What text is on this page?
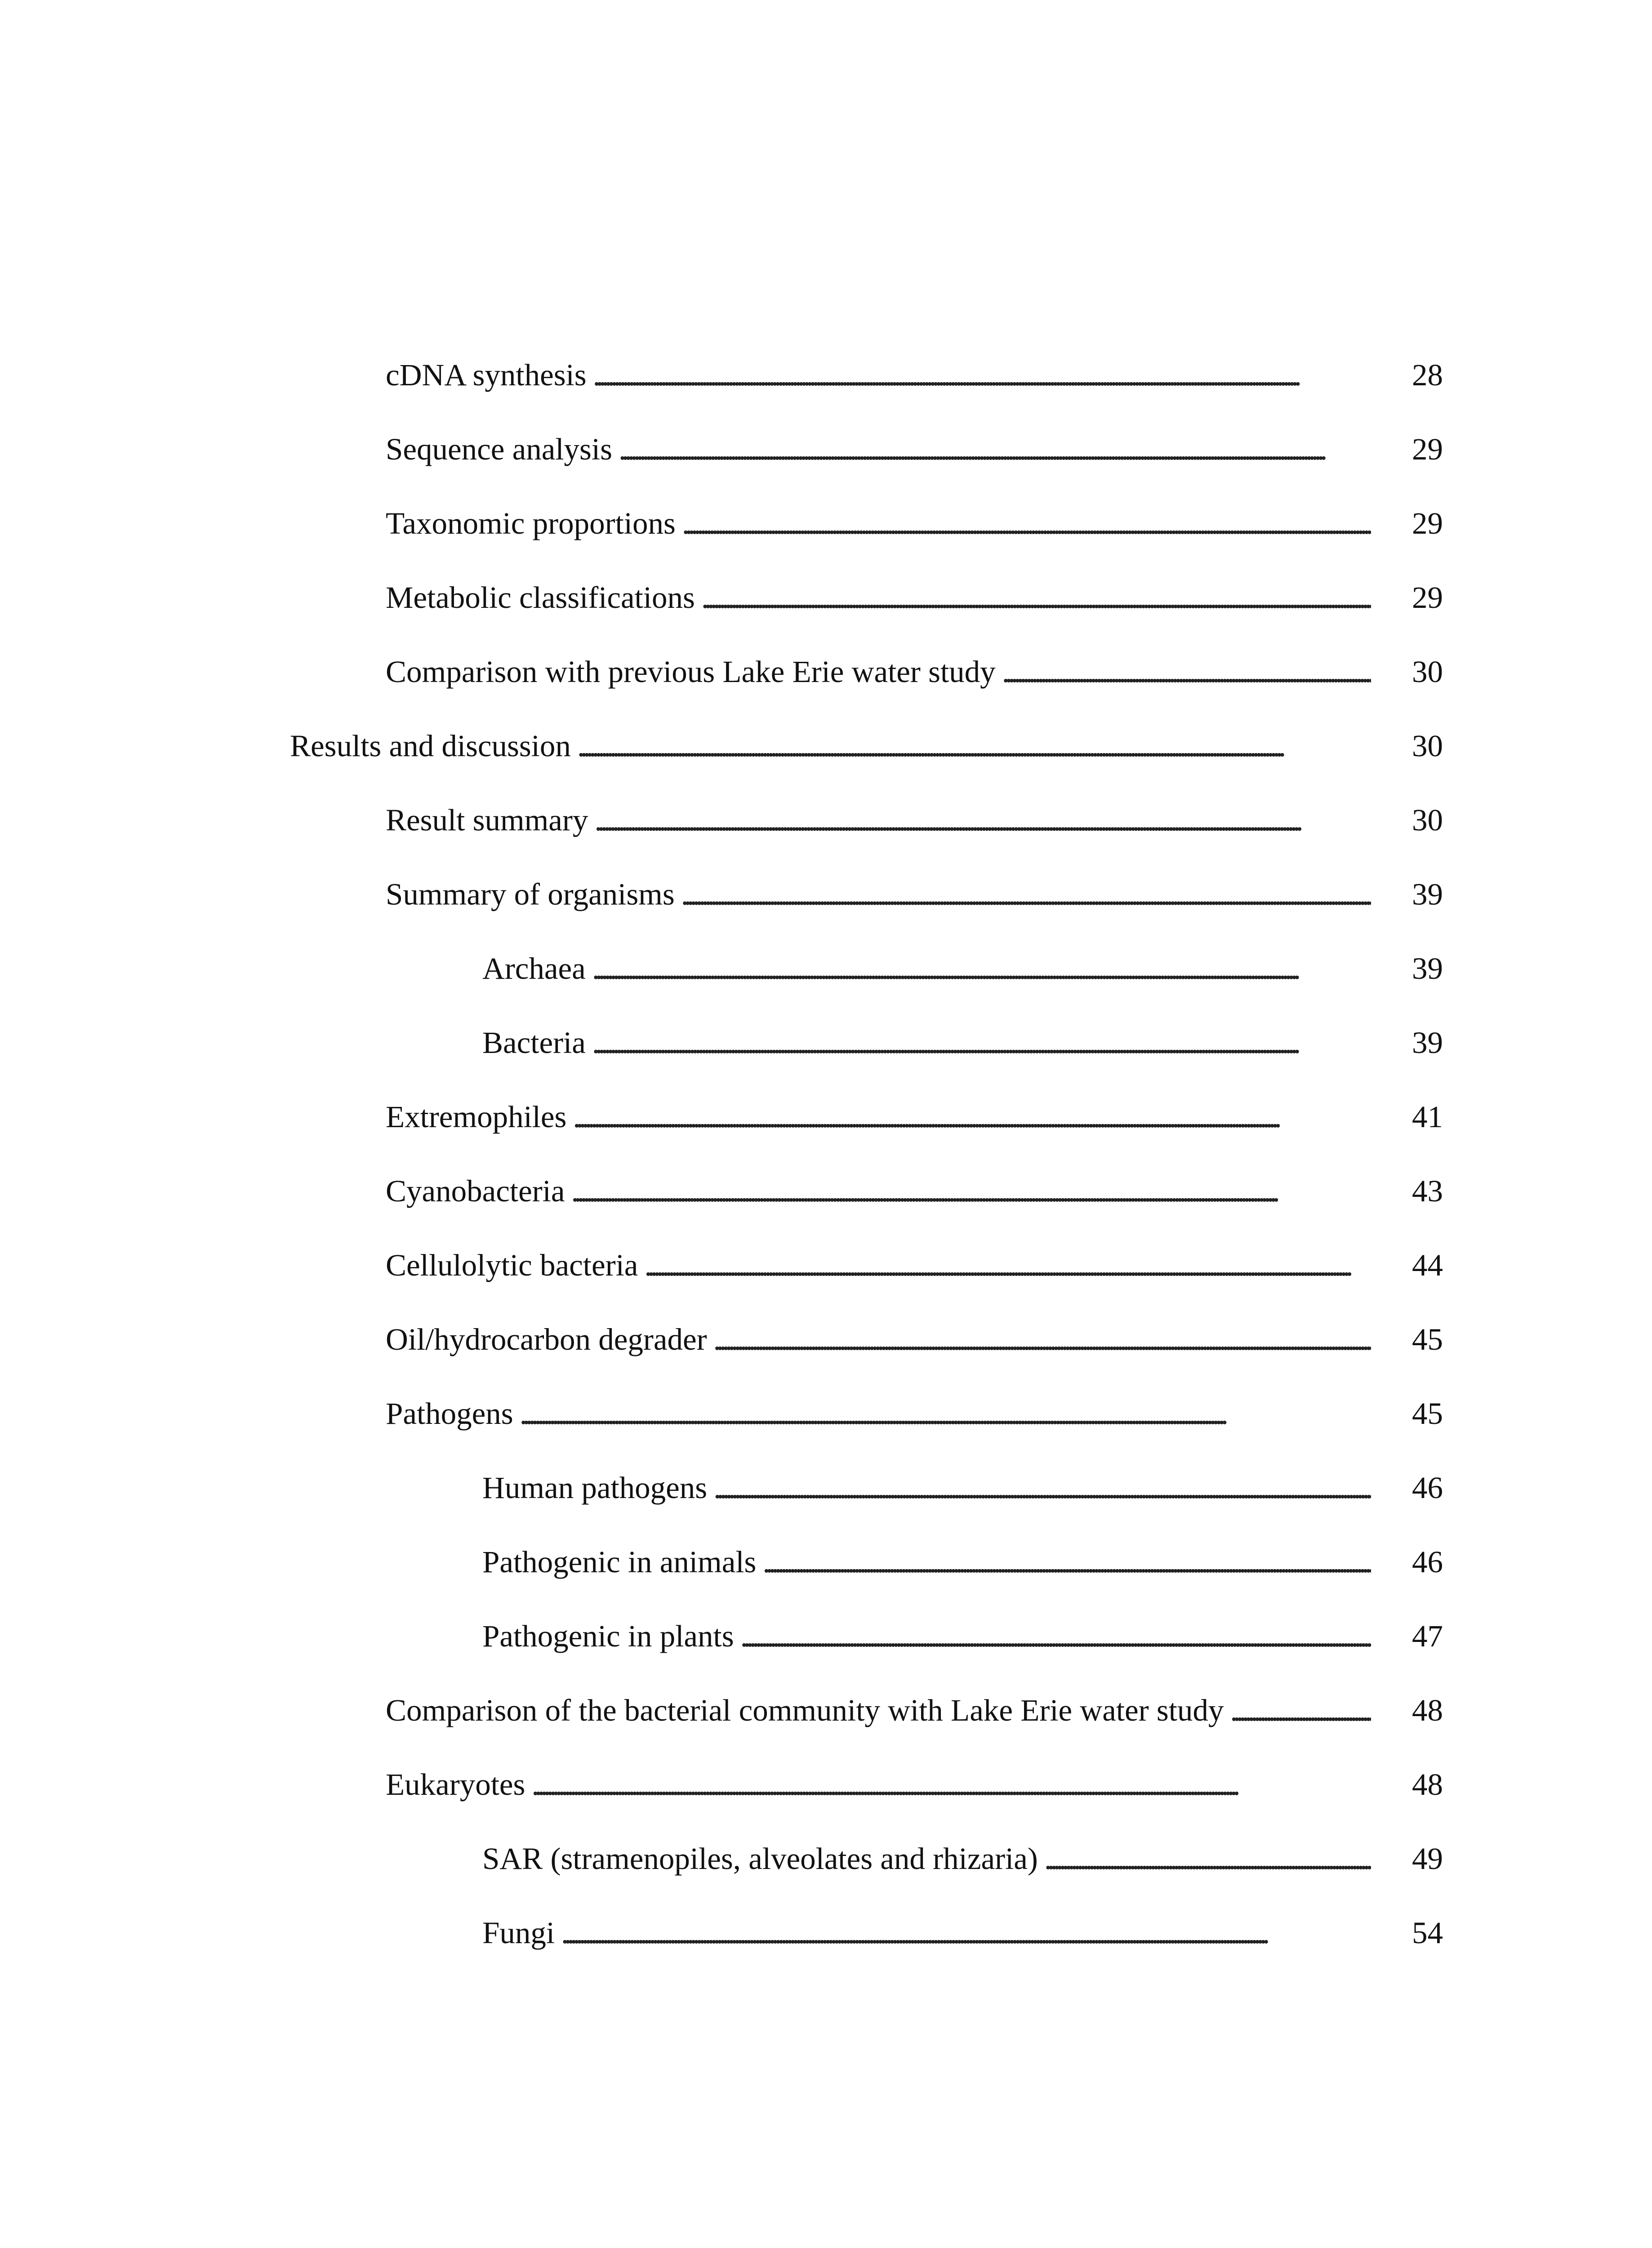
cDNA synthesis . . .	28
Sequence analysis . . .	29
Taxonomic proportions . . .	29
Metabolic classifications . . .	29
Comparison with previous Lake Erie water study . . .	30
Results and discussion . . .	30
Result summary . . .	30
Summary of organisms . . .	39
Archaea . . .	39
Bacteria . . .	39
Extremophiles . . .	41
Cyanobacteria . . .	43
Cellulolytic bacteria . . .	44
Oil/hydrocarbon degrader . . .	45
Pathogens . . .	45
Human pathogens . . .	46
Pathogenic in animals . . .	46
Pathogenic in plants . . .	47
Comparison of the bacterial community with Lake Erie water study . . .	48
Eukaryotes . . .	48
SAR (stramenopiles, alveolates and rhizaria) . . .	49
Fungi . . .	54
